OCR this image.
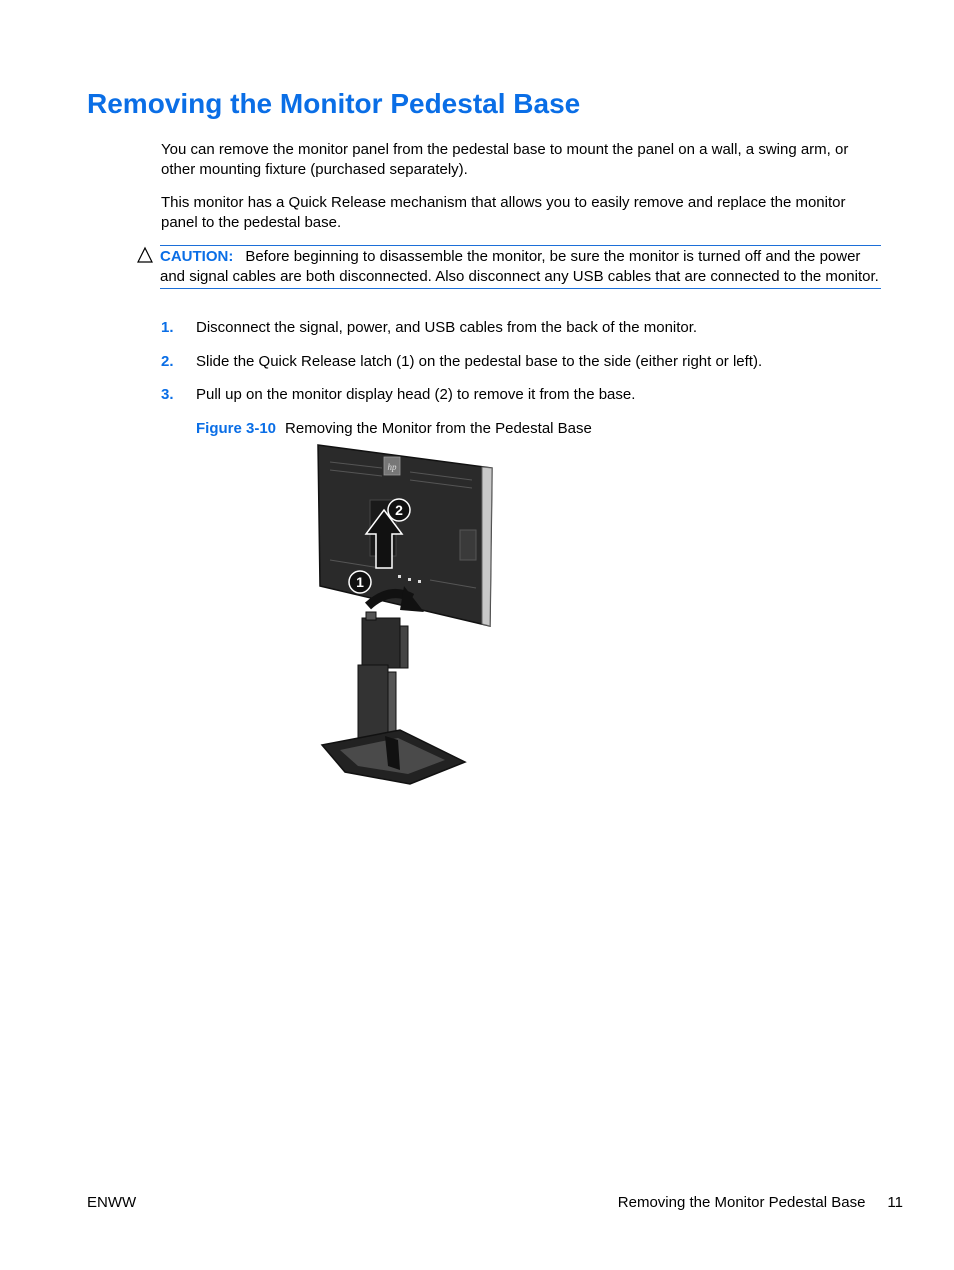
Removing the Monitor Pedestal Base

You can remove the monitor panel from the pedestal base to mount the panel on a wall, a swing arm, or other mounting fixture (purchased separately).

This monitor has a Quick Release mechanism that allows you to easily remove and replace the monitor panel to the pedestal base.

CAUTION: Before beginning to disassemble the monitor, be sure the monitor is turned off and the power and signal cables are both disconnected. Also disconnect any USB cables that are connected to the monitor.
1. Disconnect the signal, power, and USB cables from the back of the monitor.
2. Slide the Quick Release latch (1) on the pedestal base to the side (either right or left).
3. Pull up on the monitor display head (2) to remove it from the base.
Figure 3-10 Removing the Monitor from the Pedestal Base
hp
2
1
ENWW	Removing the Monitor Pedestal Base 11
